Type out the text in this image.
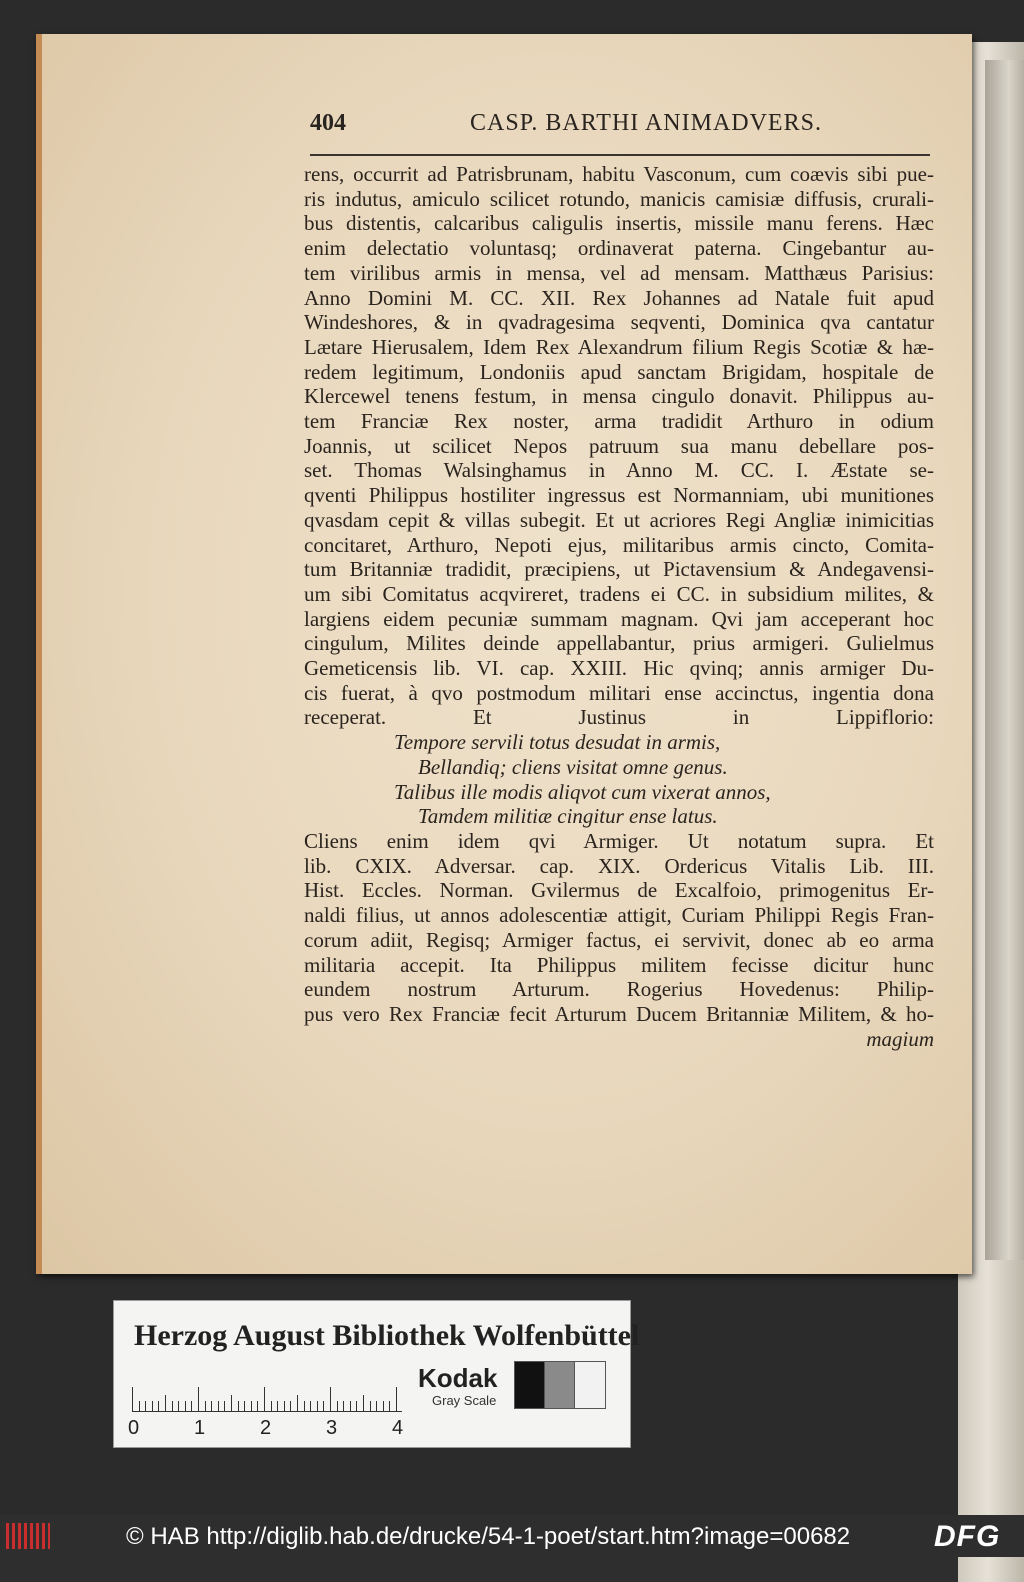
404	CASP. BARTHI ANIMADVERS.
rens, occurrit ad Patrisbrunam, habitu Vasconum, cum coævis sibi pue-
ris indutus, amiculo scilicet rotundo, manicis camisiæ diffusis, crurali-
bus distentis, calcaribus caligulis insertis, missile manu ferens. Hæc
enim delectatio voluntasq; ordinaverat paterna. Cingebantur au-
tem virilibus armis in mensa, vel ad mensam. Matthæus Parisius:
Anno Domini M. CC. XII. Rex Johannes ad Natale fuit apud
Windeshores, & in qvadragesima seqventi, Dominica qva cantatur
Lætare Hierusalem, Idem Rex Alexandrum filium Regis Scotiæ & hæ-
redem legitimum, Londoniis apud sanctam Brigidam, hospitale de
Klercewel tenens festum, in mensa cingulo donavit. Philippus au-
tem Franciæ Rex noster, arma tradidit Arthuro in odium
Joannis, ut scilicet Nepos patruum sua manu debellare pos-
set. Thomas Walsinghamus in Anno M. CC. I. Æstate se-
qventi Philippus hostiliter ingressus est Normanniam, ubi munitiones
qvasdam cepit & villas subegit. Et ut acriores Regi Angliæ inimicitias
concitaret, Arthuro, Nepoti ejus, militaribus armis cincto, Comita-
tum Britanniæ tradidit, præcipiens, ut Pictavensium & Andegavensi-
um sibi Comitatus acqvireret, tradens ei CC. in subsidium milites, &
largiens eidem pecuniæ summam magnam. Qvi jam acceperant hoc
cingulum, Milites deinde appellabantur, prius armigeri. Gulielmus
Gemeticensis lib. VI. cap. XXIII. Hic qvinq; annis armiger Du-
cis fuerat, à qvo postmodum militari ense accinctus, ingentia dona
receperat. Et Justinus in Lippiflorio:
Tempore servili totus desudat in armis,
Bellandiq; cliens visitat omne genus.
Talibus ille modis aliqvot cum vixerat annos,
Tamdem militiæ cingitur ense latus.
Cliens enim idem qvi Armiger. Ut notatum supra. Et
lib. CXIX. Adversar. cap. XIX. Ordericus Vitalis Lib. III.
Hist. Eccles. Norman. Gvilermus de Excalfoio, primogenitus Er-
naldi filius, ut annos adolescentiæ attigit, Curiam Philippi Regis Fran-
corum adiit, Regisq; Armiger factus, ei servivit, donec ab eo arma
militaria accepit. Ita Philippus militem fecisse dicitur hunc
eundem nostrum Arturum. Rogerius Hovedenus: Philip-
pus vero Rex Franciæ fecit Arturum Ducem Britanniæ Militem, & ho-
magium
Herzog August Bibliothek Wolfenbüttel
0	1	2	3	4
Kodak
Gray Scale
© HAB http://diglib.hab.de/drucke/54-1-poet/start.htm?image=00682	DFG
